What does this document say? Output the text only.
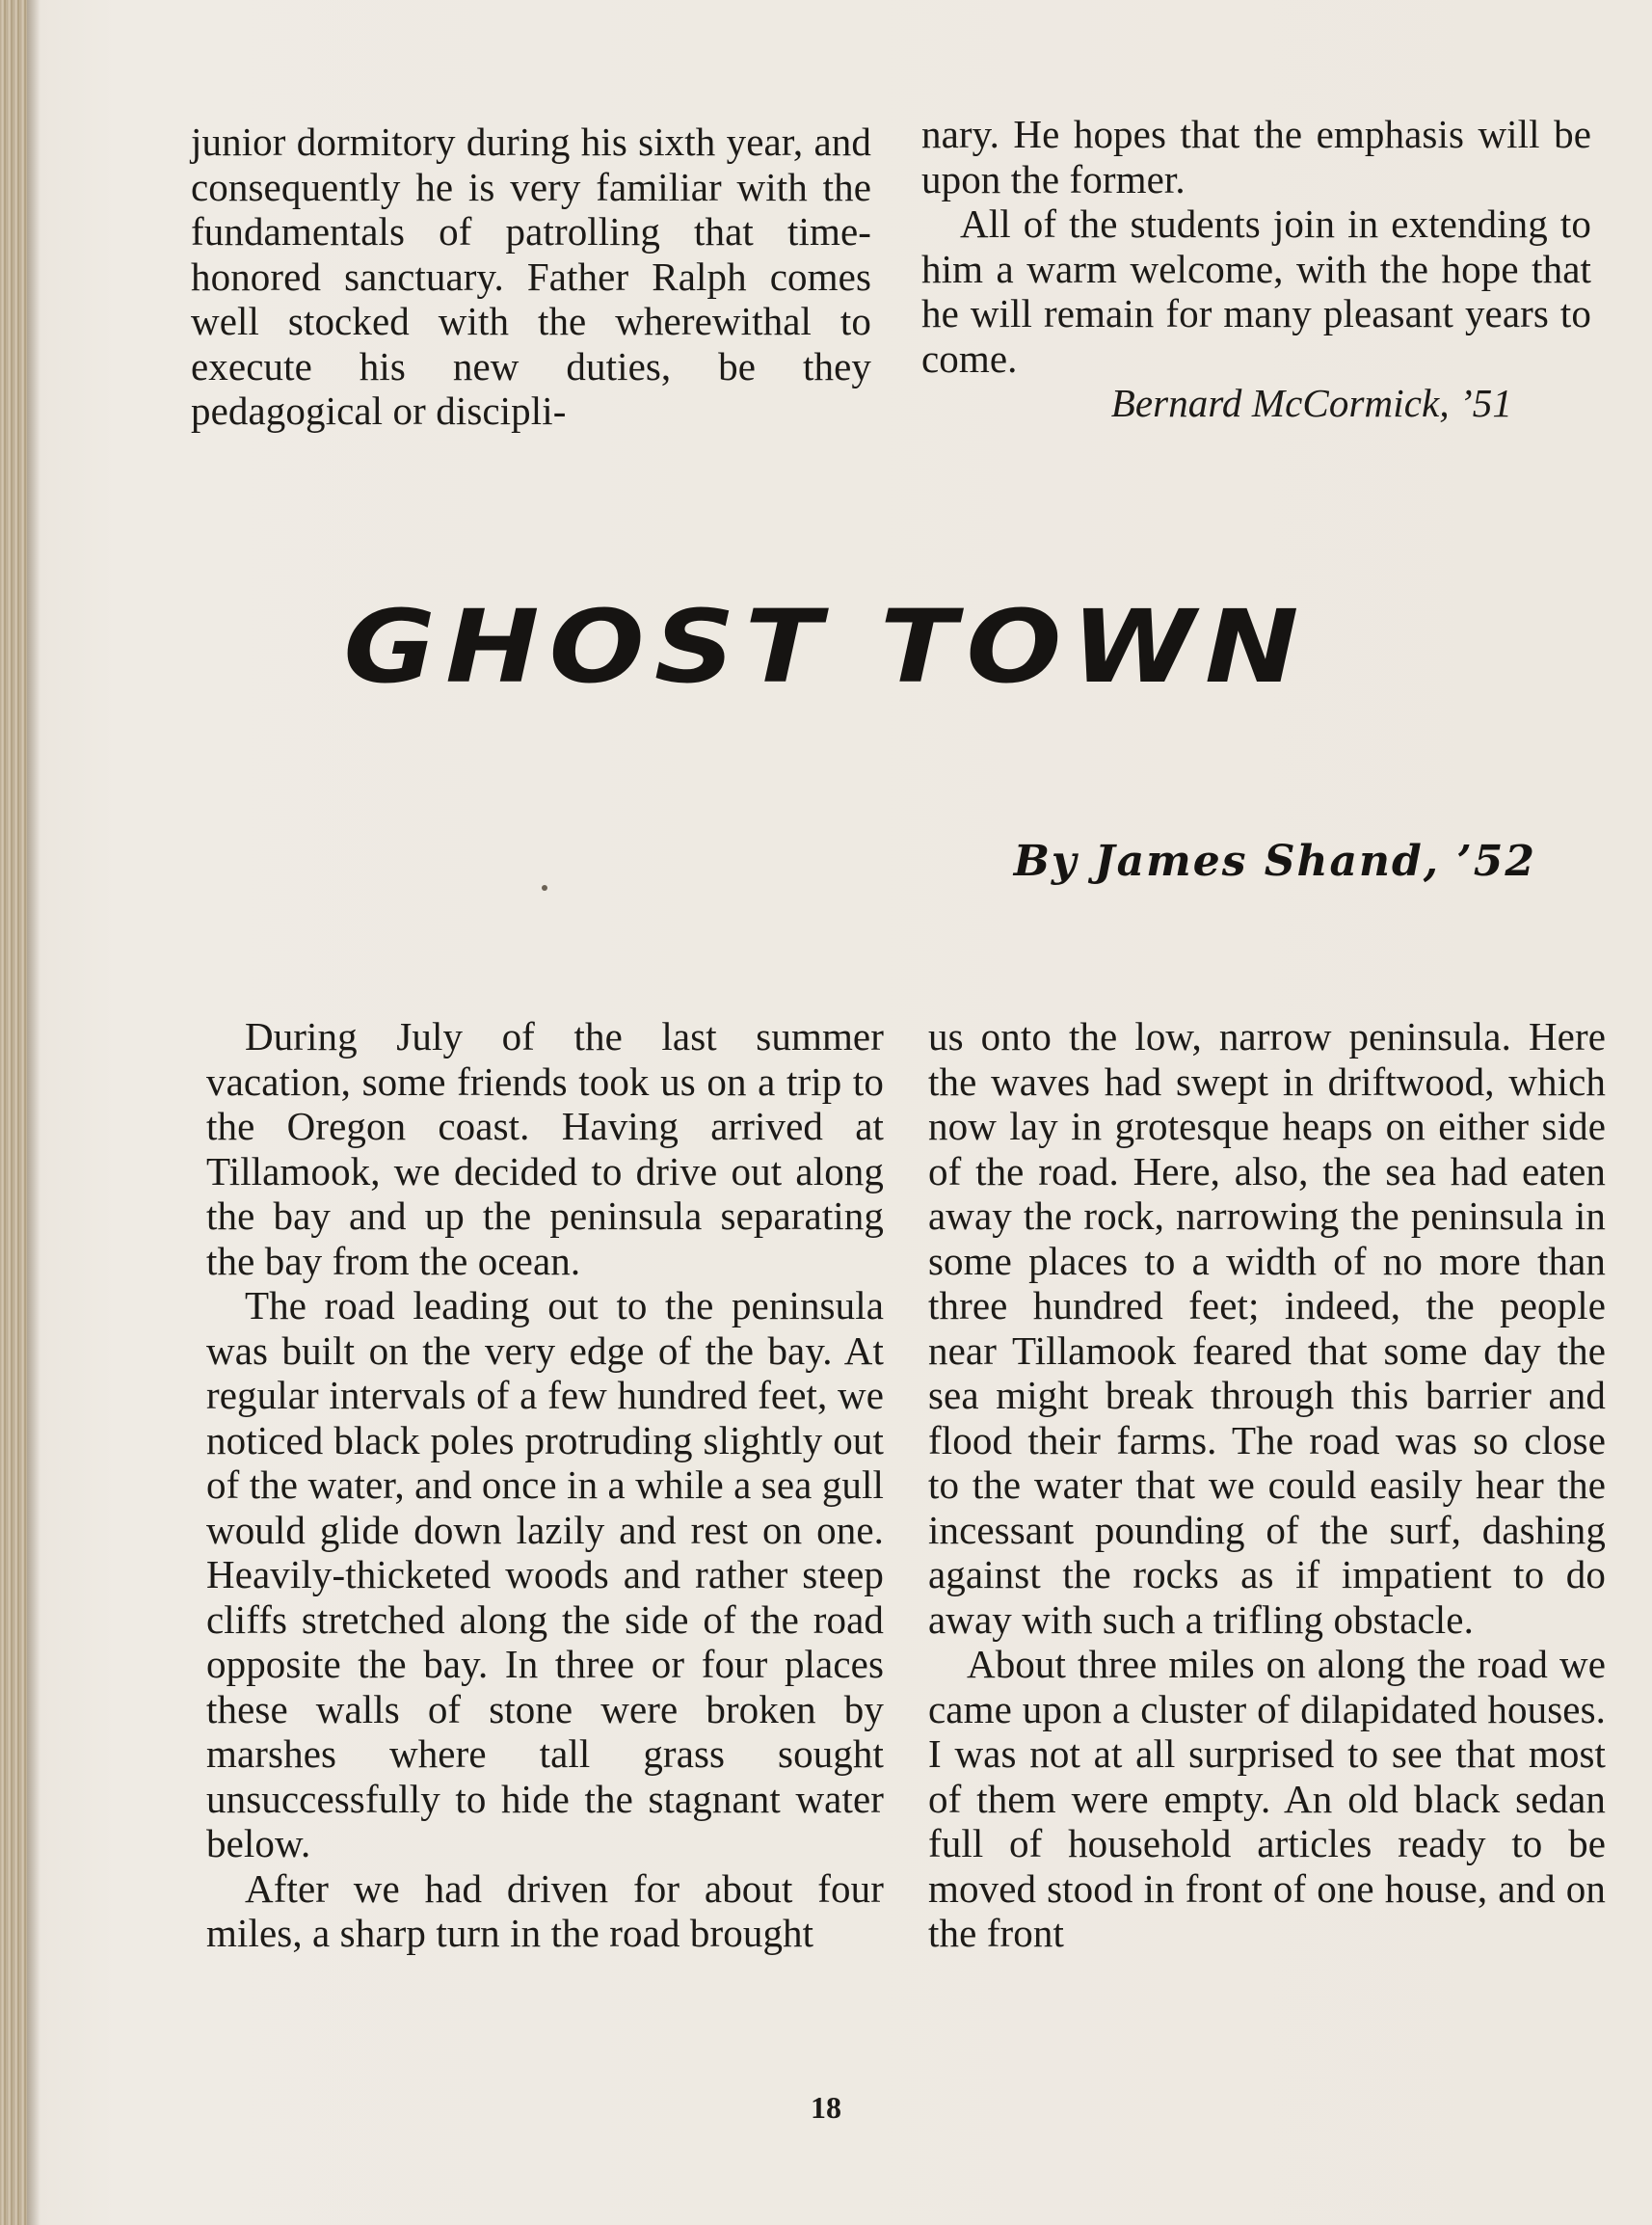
junior dormitory during his sixth year, and consequently he is very familiar with the fundamentals of patrolling that time-honored sanctuary. Father Ralph comes well stocked with the wherewithal to execute his new duties, be they pedagogical or discipli-

nary. He hopes that the emphasis will be upon the former.

All of the students join in extending to him a warm welcome, with the hope that he will remain for many pleasant years to come.

Bernard McCormick, ’51

GHOST TOWN
By James Shand, ’52

During July of the last summer vacation, some friends took us on a trip to the Oregon coast. Having arrived at Tillamook, we decided to drive out along the bay and up the peninsula separating the bay from the ocean.

The road leading out to the peninsula was built on the very edge of the bay. At regular intervals of a few hundred feet, we noticed black poles protruding slightly out of the water, and once in a while a sea gull would glide down lazily and rest on one. Heavily-thicketed woods and rather steep cliffs stretched along the side of the road opposite the bay. In three or four places these walls of stone were broken by marshes where tall grass sought unsuccessfully to hide the stagnant water below.

After we had driven for about four miles, a sharp turn in the road brought

us onto the low, narrow peninsula. Here the waves had swept in driftwood, which now lay in grotesque heaps on either side of the road. Here, also, the sea had eaten away the rock, narrowing the peninsula in some places to a width of no more than three hundred feet; indeed, the people near Tillamook feared that some day the sea might break through this barrier and flood their farms. The road was so close to the water that we could easily hear the incessant pounding of the surf, dashing against the rocks as if impatient to do away with such a trifling obstacle.

About three miles on along the road we came upon a cluster of dilapidated houses. I was not at all surprised to see that most of them were empty. An old black sedan full of household articles ready to be moved stood in front of one house, and on the front

18
